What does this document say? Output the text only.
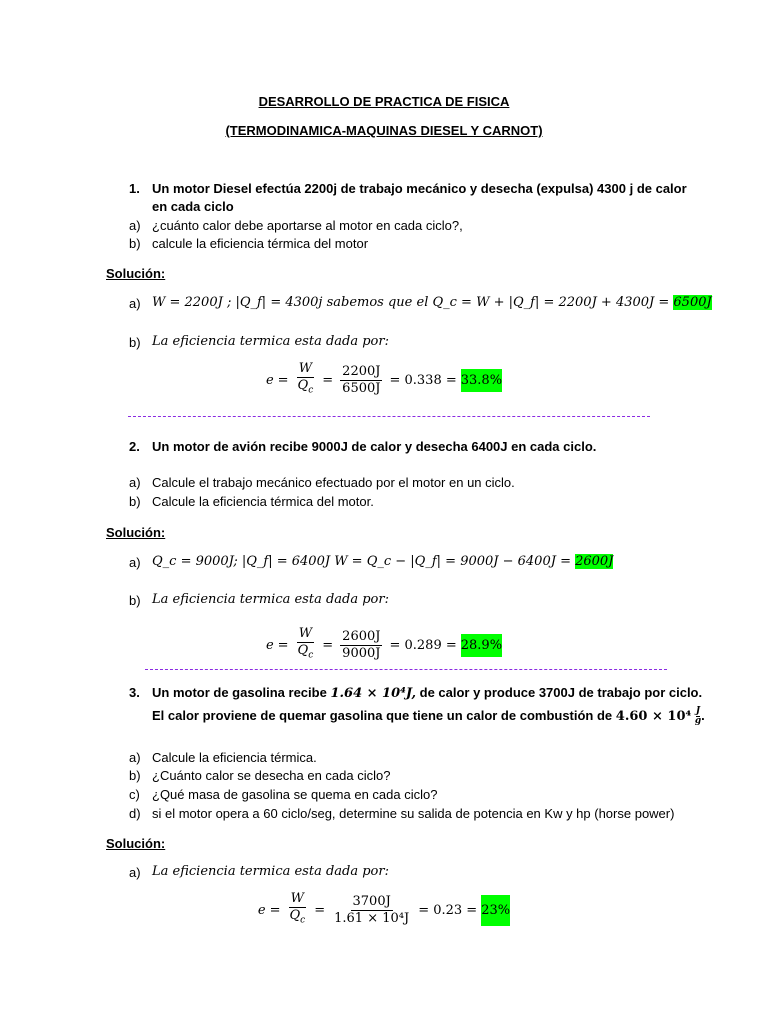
DESARROLLO DE PRACTICA DE FISICA
(TERMODINAMICA-MAQUINAS DIESEL Y CARNOT)
1. Un motor Diesel efectúa 2200j de trabajo mecánico y desecha (expulsa) 4300 j de calor
en cada ciclo
a) ¿cuánto calor debe aportarse al motor en cada ciclo?,
b) calcule la eficiencia térmica del motor
Solución:
a) W = 2200J ; |Q_f| = 4300j sabemos que el Q_c = W + |Q_f| = 2200J + 4300J = 6500J
b) La eficiencia termica esta dada por:
$e = \frac{W}{Q_c} = \frac{2200J}{6500J} = 0.338 = 33.8\%$
2. Un motor de avión recibe 9000J de calor y desecha 6400J en cada ciclo.
a) Calcule el trabajo mecánico efectuado por el motor en un ciclo.
b) Calcule la eficiencia térmica del motor.
Solución:
a) Q_c = 9000J; |Q_f| = 6400J W = Q_c − |Q_f| = 9000J − 6400J = 2600J
b) La eficiencia termica esta dada por:
$e = \frac{W}{Q_c} = \frac{2600J}{9000J} = 0.289 = 28.9\%$
3. Un motor de gasolina recibe 1.64 × 10⁴J, de calor y produce 3700J de trabajo por ciclo.
El calor proviene de quemar gasolina que tiene un calor de combustión de $4.60 \times 10^4 \frac{J}{g}$ .
a) Calcule la eficiencia térmica.
b) ¿Cuánto calor se desecha en cada ciclo?
c) ¿Qué masa de gasolina se quema en cada ciclo?
d) si el motor opera a 60 ciclo/seg, determine su salida de potencia en Kw y hp (horse power)
Solución:
a) La eficiencia termica esta dada por:
$e = \frac{W}{Q_c} = \frac{3700J}{\text{1.61 × 10⁴J}} = 0.23 = 23\%$
